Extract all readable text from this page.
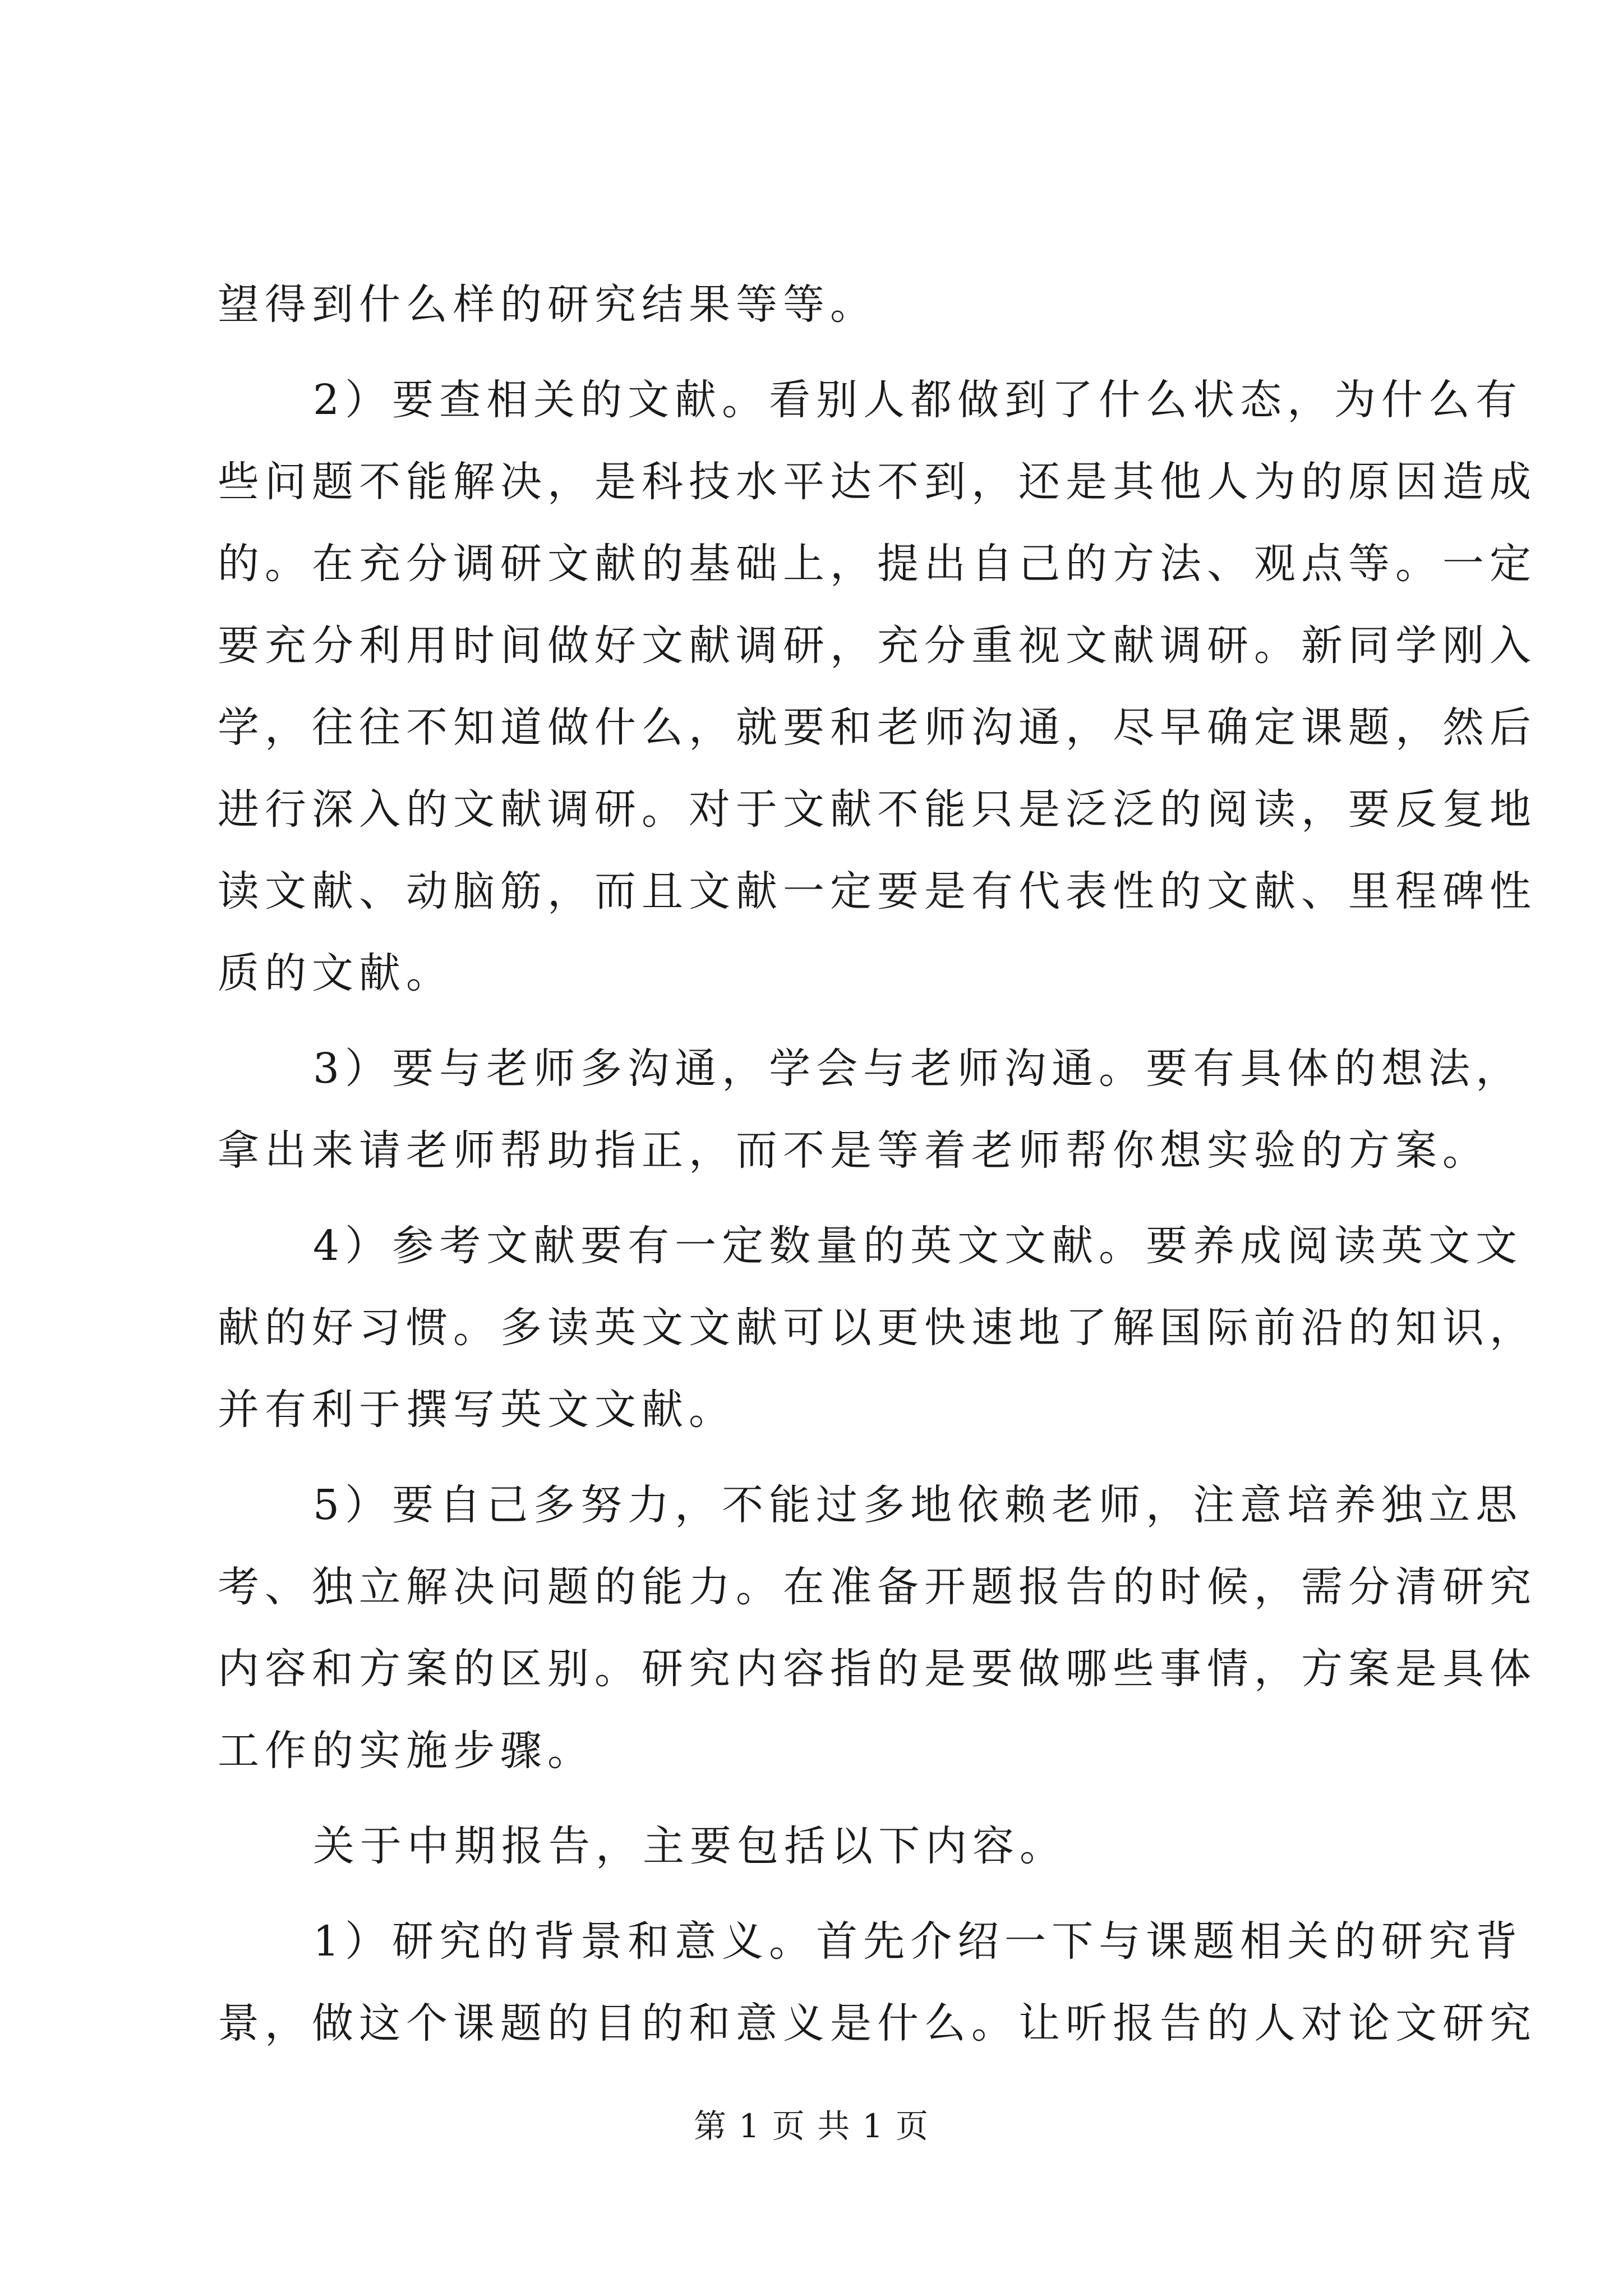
望得到什么样的研究结果等等。
2）要查相关的文献。看别人都做到了什么状态，为什么有
些问题不能解决，是科技水平达不到，还是其他人为的原因造成
的。在充分调研文献的基础上，提出自己的方法、观点等。一定
要充分利用时间做好文献调研，充分重视文献调研。新同学刚入
学，往往不知道做什么，就要和老师沟通，尽早确定课题，然后
进行深入的文献调研。对于文献不能只是泛泛的阅读，要反复地
读文献、动脑筋，而且文献一定要是有代表性的文献、里程碑性
质的文献。
3）要与老师多沟通，学会与老师沟通。要有具体的想法，
拿出来请老师帮助指正，而不是等着老师帮你想实验的方案。
4）参考文献要有一定数量的英文文献。要养成阅读英文文
献的好习惯。多读英文文献可以更快速地了解国际前沿的知识，
并有利于撰写英文文献。
5）要自己多努力，不能过多地依赖老师，注意培养独立思
考、独立解决问题的能力。在准备开题报告的时候，需分清研究
内容和方案的区别。研究内容指的是要做哪些事情，方案是具体
工作的实施步骤。
关于中期报告，主要包括以下内容。
1）研究的背景和意义。首先介绍一下与课题相关的研究背
景，做这个课题的目的和意义是什么。让听报告的人对论文研究
第 1 页 共 1 页
